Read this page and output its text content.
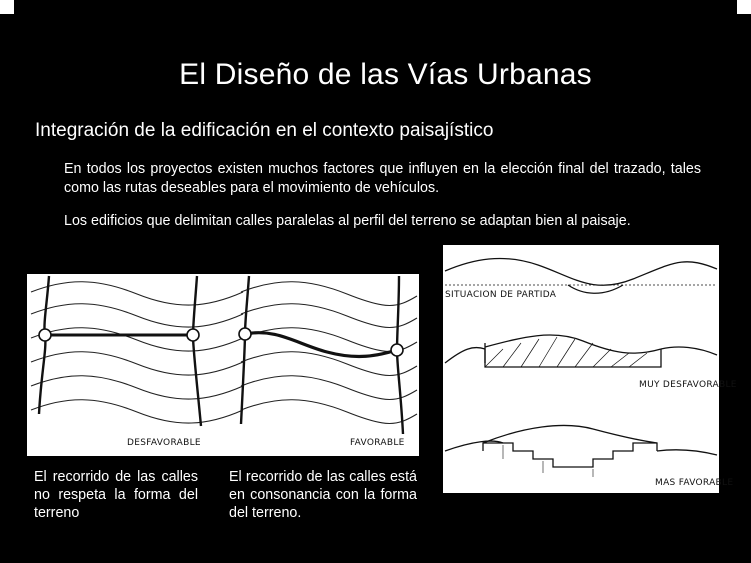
El Diseño de las Vías Urbanas
Integración de la edificación en el contexto paisajístico

En todos los proyectos existen muchos factores que influyen en la elección final del trazado, tales como las rutas deseables para el movimiento de vehículos.

Los edificios que delimitan calles paralelas al perfil del terreno se adaptan bien al paisaje.

DESFAVORABLE	FAVORABLE
SITUACION DE PARTIDA
MUY DESFAVORABLE
MAS FAVORABLE

El recorrido de las calles no respeta la forma del terreno

El recorrido de las calles está en consonancia con la forma del terreno.
